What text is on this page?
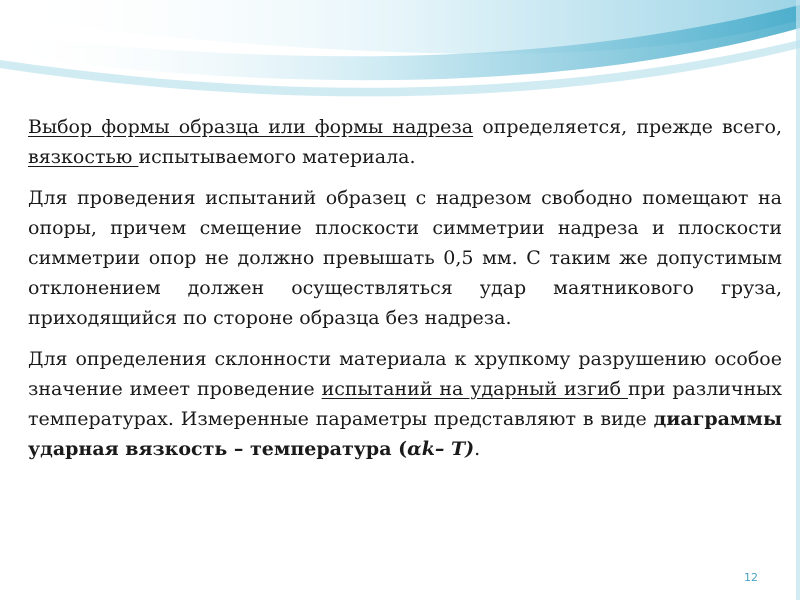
Выбор формы образца или формы надреза определяется, прежде всего, вязкостью испытываемого материала.

Для проведения испытаний образец с надрезом свободно помещают на опоры, причем смещение плоскости симметрии надреза и плоскости симметрии опор не должно превышать 0,5 мм. С таким же допустимым отклонением должен осуществляться удар маятникового груза, приходящийся по стороне образца без надреза.

Для определения склонности материала к хрупкому разрушению особое значение имеет проведение испытаний на ударный изгиб при различных температурах. Измеренные параметры представляют в виде диаграммы ударная вязкость – температура (αk– T).

12
